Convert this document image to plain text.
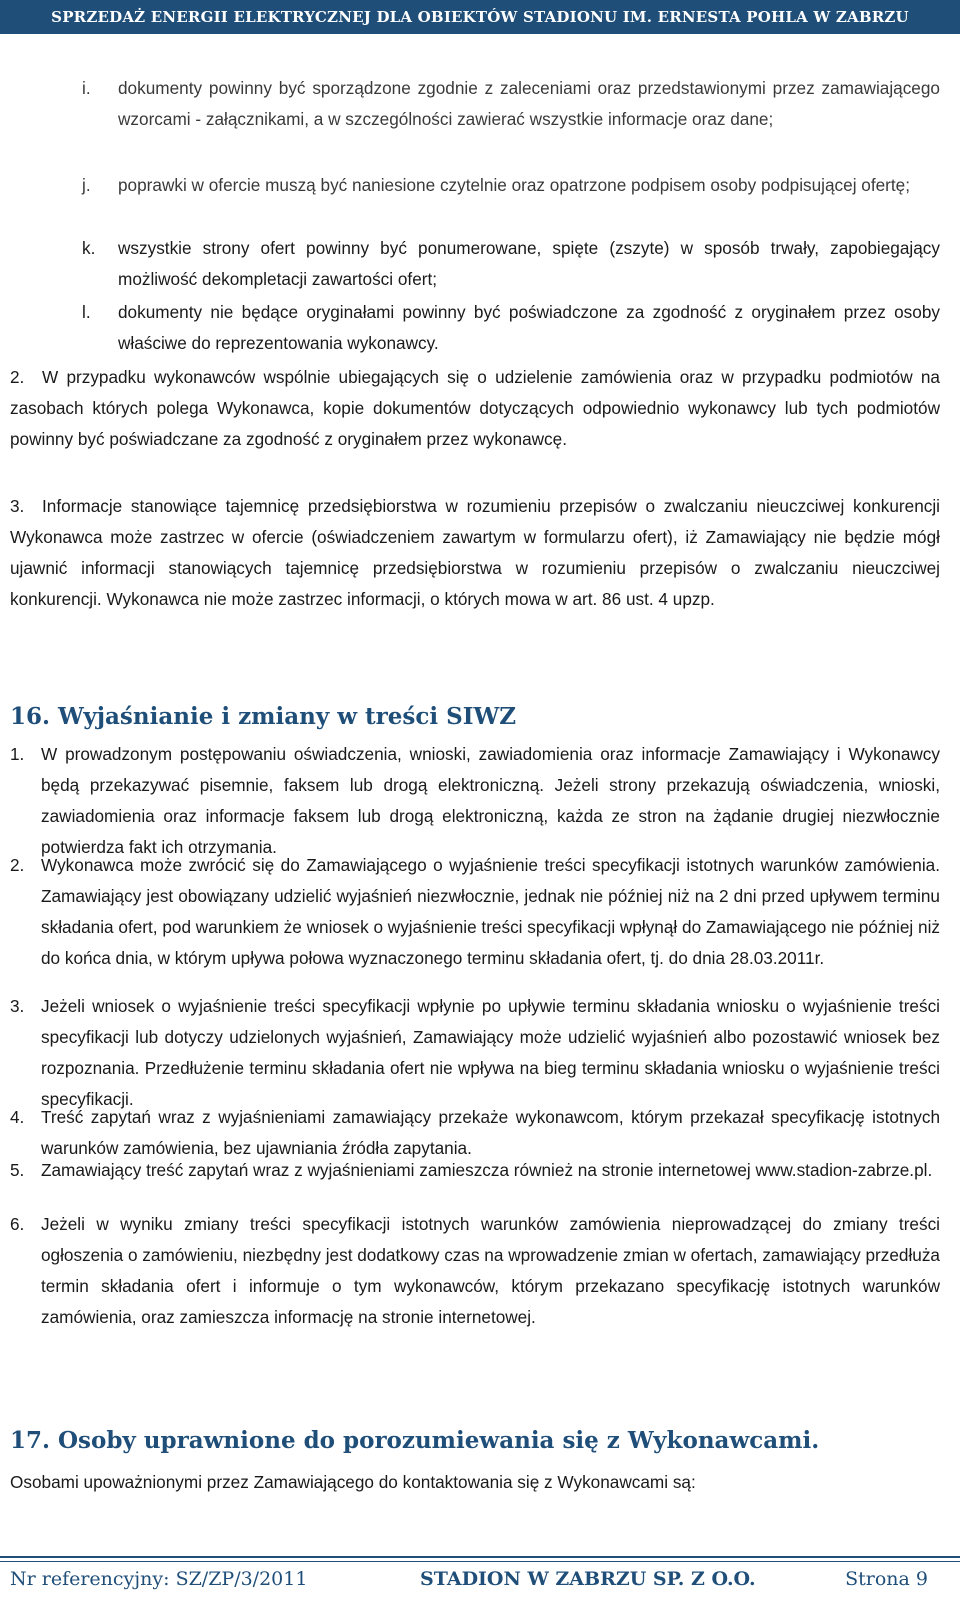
SPRZEDAŻ ENERGII ELEKTRYCZNEJ DLA OBIEKTÓW STADIONU IM. ERNESTA POHLA W ZABRZU
i. dokumenty powinny być sporządzone zgodnie z zaleceniami oraz przedstawionymi przez zamawiającego wzorcami - załącznikami, a w szczególności zawierać wszystkie informacje oraz dane;
j. poprawki w ofercie muszą być naniesione czytelnie oraz opatrzone podpisem osoby podpisującej ofertę;
k. wszystkie strony ofert powinny być ponumerowane, spięte (zszyte) w sposób trwały, zapobiegający możliwość dekompletacji zawartości ofert;
l. dokumenty nie będące oryginałami powinny być poświadczone za zgodność z oryginałem przez osoby właściwe do reprezentowania wykonawcy.
2.	W przypadku wykonawców wspólnie ubiegających się o udzielenie zamówienia oraz w przypadku podmiotów na zasobach których polega Wykonawca, kopie dokumentów dotyczących odpowiednio wykonawcy lub tych podmiotów powinny być poświadczane za zgodność z oryginałem przez wykonawcę.
3.	Informacje stanowiące tajemnicę przedsiębiorstwa w rozumieniu przepisów o zwalczaniu nieuczciwej konkurencji Wykonawca może zastrzec w ofercie (oświadczeniem zawartym w formularzu ofert), iż Zamawiający nie będzie mógł ujawnić informacji stanowiących tajemnicę przedsiębiorstwa w rozumieniu przepisów o zwalczaniu nieuczciwej konkurencji. Wykonawca nie może zastrzec informacji, o których mowa w art. 86 ust. 4 upzp.
16. Wyjaśnianie i zmiany w treści SIWZ
1. W prowadzonym postępowaniu oświadczenia, wnioski, zawiadomienia oraz informacje Zamawiający i Wykonawcy będą przekazywać pisemnie, faksem lub drogą elektroniczną. Jeżeli strony przekazują oświadczenia, wnioski, zawiadomienia oraz informacje faksem lub drogą elektroniczną, każda ze stron na żądanie drugiej niezwłocznie potwierdza fakt ich otrzymania.
2. Wykonawca może zwrócić się do Zamawiającego o wyjaśnienie treści specyfikacji istotnych warunków zamówienia. Zamawiający jest obowiązany udzielić wyjaśnień niezwłocznie, jednak nie później niż na 2 dni przed upływem terminu składania ofert, pod warunkiem że wniosek o wyjaśnienie treści specyfikacji wpłynął do Zamawiającego nie później niż do końca dnia, w którym upływa połowa wyznaczonego terminu składania ofert, tj. do dnia 28.03.2011r.
3. Jeżeli wniosek o wyjaśnienie treści specyfikacji wpłynie po upływie terminu składania wniosku o wyjaśnienie treści specyfikacji lub dotyczy udzielonych wyjaśnień, Zamawiający może udzielić wyjaśnień albo pozostawić wniosek bez rozpoznania. Przedłużenie terminu składania ofert nie wpływa na bieg terminu składania wniosku o wyjaśnienie treści specyfikacji.
4. Treść zapytań wraz z wyjaśnieniami zamawiający przekaże wykonawcom, którym przekazał specyfikację istotnych warunków zamówienia, bez ujawniania źródła zapytania.
5. Zamawiający treść zapytań wraz z wyjaśnieniami zamieszcza również na stronie internetowej www.stadion-zabrze.pl.
6. Jeżeli w wyniku zmiany treści specyfikacji istotnych warunków zamówienia nieprowadzącej do zmiany treści ogłoszenia o zamówieniu, niezbędny jest dodatkowy czas na wprowadzenie zmian w ofertach, zamawiający przedłuża termin składania ofert i informuje o tym wykonawców, którym przekazano specyfikację istotnych warunków zamówienia, oraz zamieszcza informację na stronie internetowej.
17. Osoby uprawnione do porozumiewania się z Wykonawcami.
Osobami upoważnionymi przez Zamawiającego do kontaktowania się z Wykonawcami są:
Nr referencyjny: SZ/ZP/3/2011	STADION W ZABRZU SP. Z O.O.	Strona 9
